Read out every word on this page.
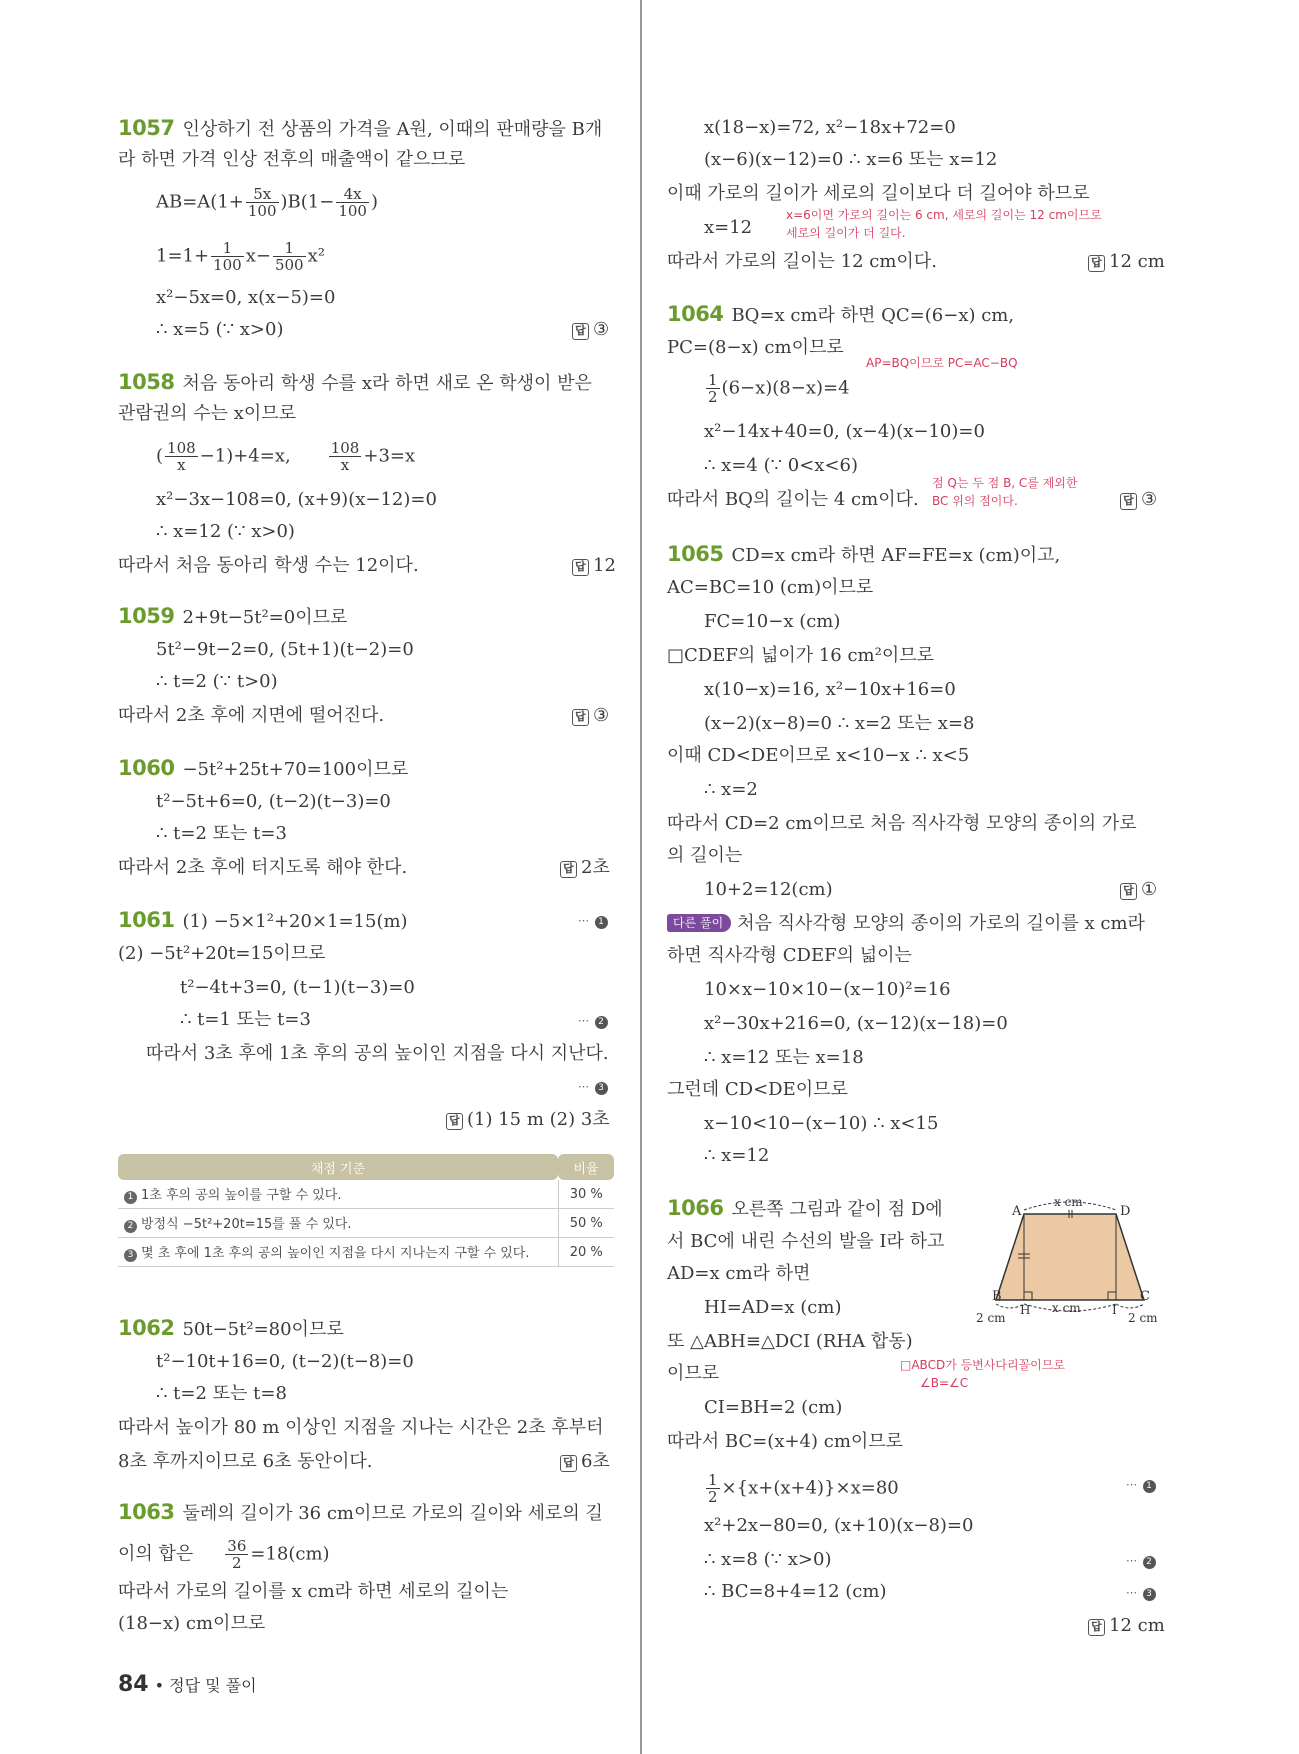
1057 인상하기 전 상품의 가격을 A원, 이때의 판매량을 B개
라 하면 가격 인상 전후의 매출액이 같으므로
$AB=A(1+ \frac{5x}{100} )B(1- \frac{4x}{100}$ )
$1=1+ \frac{1}{100} x- \frac{1}{500} x^2$
x²−5x=0, x(x−5)=0
∴ x=5 (∵ x>0)	답 ③
1058 처음 동아리 학생 수를 x라 하면 새로 온 학생이 받은
관람권의 수는 x이므로
( $\frac{108}{x} -1)+4=x$,	$\frac{108}{x} +3=x$
x²−3x−108=0, (x+9)(x−12)=0
∴ x=12 (∵ x>0)
따라서 처음 동아리 학생 수는 12이다.	답 12
1059 2+9t−5t²=0이므로
5t²−9t−2=0, (5t+1)(t−2)=0
∴ t=2 (∵ t>0)
따라서 2초 후에 지면에 떨어진다.	답 ③
1060 −5t²+25t+70=100이므로
t²−5t+6=0, (t−2)(t−3)=0
∴ t=2 또는 t=3
따라서 2초 후에 터지도록 해야 한다.	답 2초
1061 (1) −5×1²+20×1=15(m)	⋯ 1
(2) −5t²+20t=15이므로
t²−4t+3=0, (t−1)(t−3)=0
∴ t=1 또는 t=3	⋯ 2
따라서 3초 후에 1초 후의 공의 높이인 지점을 다시 지난다.
⋯ 3
답 (1) 15 m (2) 3초
채점 기준	비율
1 1초 후의 공의 높이를 구할 수 있다.	30 %
2 방정식 −5t²+20t=15를 풀 수 있다.	50 %
3 몇 초 후에 1초 후의 공의 높이인 지점을 다시 지나는지 구할 수 있다.	20 %
1062 50t−5t²=80이므로
t²−10t+16=0, (t−2)(t−8)=0
∴ t=2 또는 t=8
따라서 높이가 80 m 이상인 지점을 지나는 시간은 2초 후부터
8초 후까지이므로 6초 동안이다.	답 6초
1063 둘레의 길이가 36 cm이므로 가로의 길이와 세로의 길
이의 합은 $\frac{36}{2} =18(cm)$
따라서 가로의 길이를 x cm라 하면 세로의 길이는
(18−x) cm이므로
84 • 정답 및 풀이
x(18−x)=72, x²−18x+72=0
(x−6)(x−12)=0 ∴ x=6 또는 x=12
이때 가로의 길이가 세로의 길이보다 더 길어야 하므로
x=6이면 가로의 길이는 6 cm, 세로의 길이는 12 cm이므로
세로의 길이가 더 길다.
x=12
따라서 가로의 길이는 12 cm이다.	답 12 cm
1064 BQ=x cm라 하면 QC=(6−x) cm,
PC=(8−x) cm이므로
AP=BQ이므로 PC=AC−BQ
$\frac{1}{2} (6-x)(8-x)=4$
x²−14x+40=0, (x−4)(x−10)=0
∴ x=4 (∵ 0<x<6)
점 Q는 두 점 B, C를 제외한
BC 위의 점이다.
따라서 BQ의 길이는 4 cm이다.	답 ③
1065 CD=x cm라 하면 AF=FE=x (cm)이고,
AC=BC=10 (cm)이므로
FC=10−x (cm)
□CDEF의 넓이가 16 cm²이므로
x(10−x)=16, x²−10x+16=0
(x−2)(x−8)=0 ∴ x=2 또는 x=8
이때 CD<DE이므로 x<10−x ∴ x<5
∴ x=2
따라서 CD=2 cm이므로 처음 직사각형 모양의 종이의 가로
의 길이는
10+2=12(cm)	답 ①
다른 풀이 처음 직사각형 모양의 종이의 가로의 길이를 x cm라
하면 직사각형 CDEF의 넓이는
10×x−10×10−(x−10)²=16
x²−30x+216=0, (x−12)(x−18)=0
∴ x=12 또는 x=18
그런데 CD<DE이므로
x−10<10−(x−10) ∴ x<15
∴ x=12
1066 오른쪽 그림과 같이 점 D에
서 BC에 내린 수선의 발을 I라 하고
AD=x cm라 하면
HI=AD=x (cm)
또 △ABH≡△DCI (RHA 합동)
이므로	□ABCD가 등변사다리꼴이므로
∠B=∠C
CI=BH=2 (cm)
따라서 BC=(x+4) cm이므로
$\frac{1}{2} \times\{x+(x+4)\}\times x=80$	⋯ 1
x²+2x−80=0, (x+10)(x−8)=0
∴ x=8 (∵ x>0)	⋯ 2
∴ BC=8+4=12 (cm)	⋯ 3
답 12 cm
A	D
B	C
H	I
x cm
x cm
2 cm	2 cm
